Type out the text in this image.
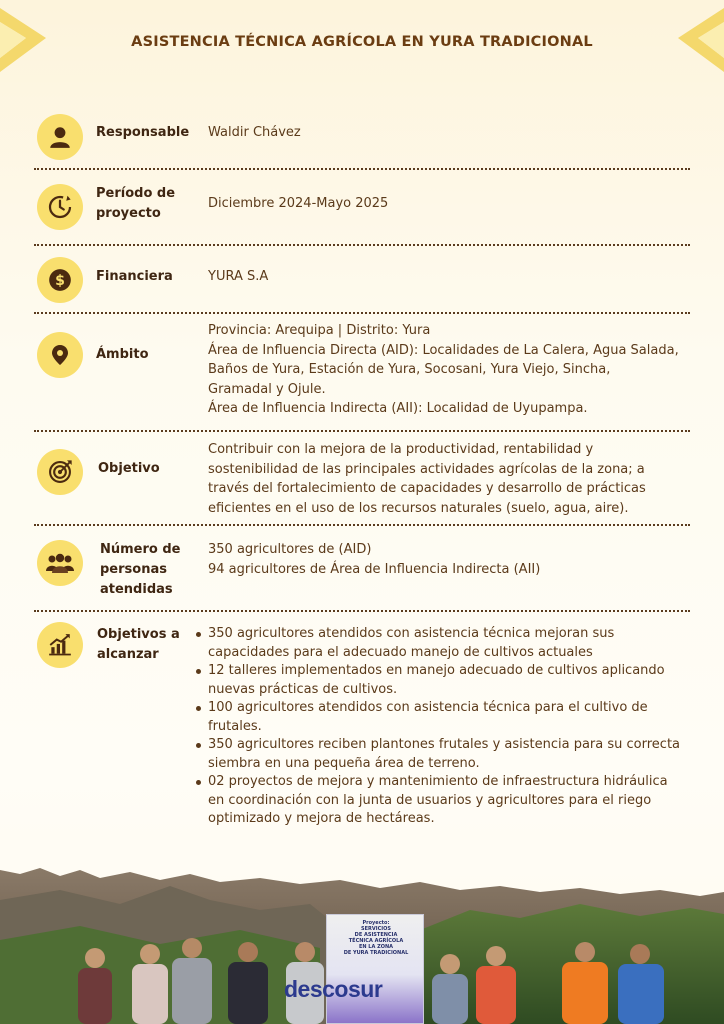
ASISTENCIA TÉCNICA AGRÍCOLA EN YURA TRADICIONAL
Responsable Waldir Chávez
Período de
proyecto
Diciembre 2024-Mayo 2025
$ Financiera	YURA S.A
Ámbito
Provincia: Arequipa | Distrito: Yura
Área de Influencia Directa (AID): Localidades de La Calera, Agua Salada,
Baños de Yura, Estación de Yura, Socosani, Yura Viejo, Sincha,
Gramadal y Ojule.
Área de Influencia Indirecta (AII): Localidad de Uyupampa.
Objetivo
Contribuir con la mejora de la productividad, rentabilidad y
sostenibilidad de las principales actividades agrícolas de la zona; a
través del fortalecimiento de capacidades y desarrollo de prácticas
eficientes en el uso de los recursos naturales (suelo, agua, aire).
Número de
personas
atendidas
350 agricultores de (AID)
94 agricultores de Área de Influencia Indirecta (AII)
Objetivos a
alcanzar
350 agricultores atendidos con asistencia técnica mejoran sus
capacidades para el adecuado manejo de cultivos actuales
12 talleres implementados en manejo adecuado de cultivos aplicando
nuevas prácticas de cultivos.
100 agricultores atendidos con asistencia técnica para el cultivo de
frutales.
350 agricultores reciben plantones frutales y asistencia para su correcta
siembra en una pequeña área de terreno.
02 proyectos de mejora y mantenimiento de infraestructura hidráulica
en coordinación con la junta de usuarios y agricultores para el riego
optimizado y mejora de hectáreas.
Proyecto:
SERVICIOS
DE ASISTENCIA
TÉCNICA AGRÍCOLA
EN LA ZONA
DE YURA TRADICIONAL
descosur
